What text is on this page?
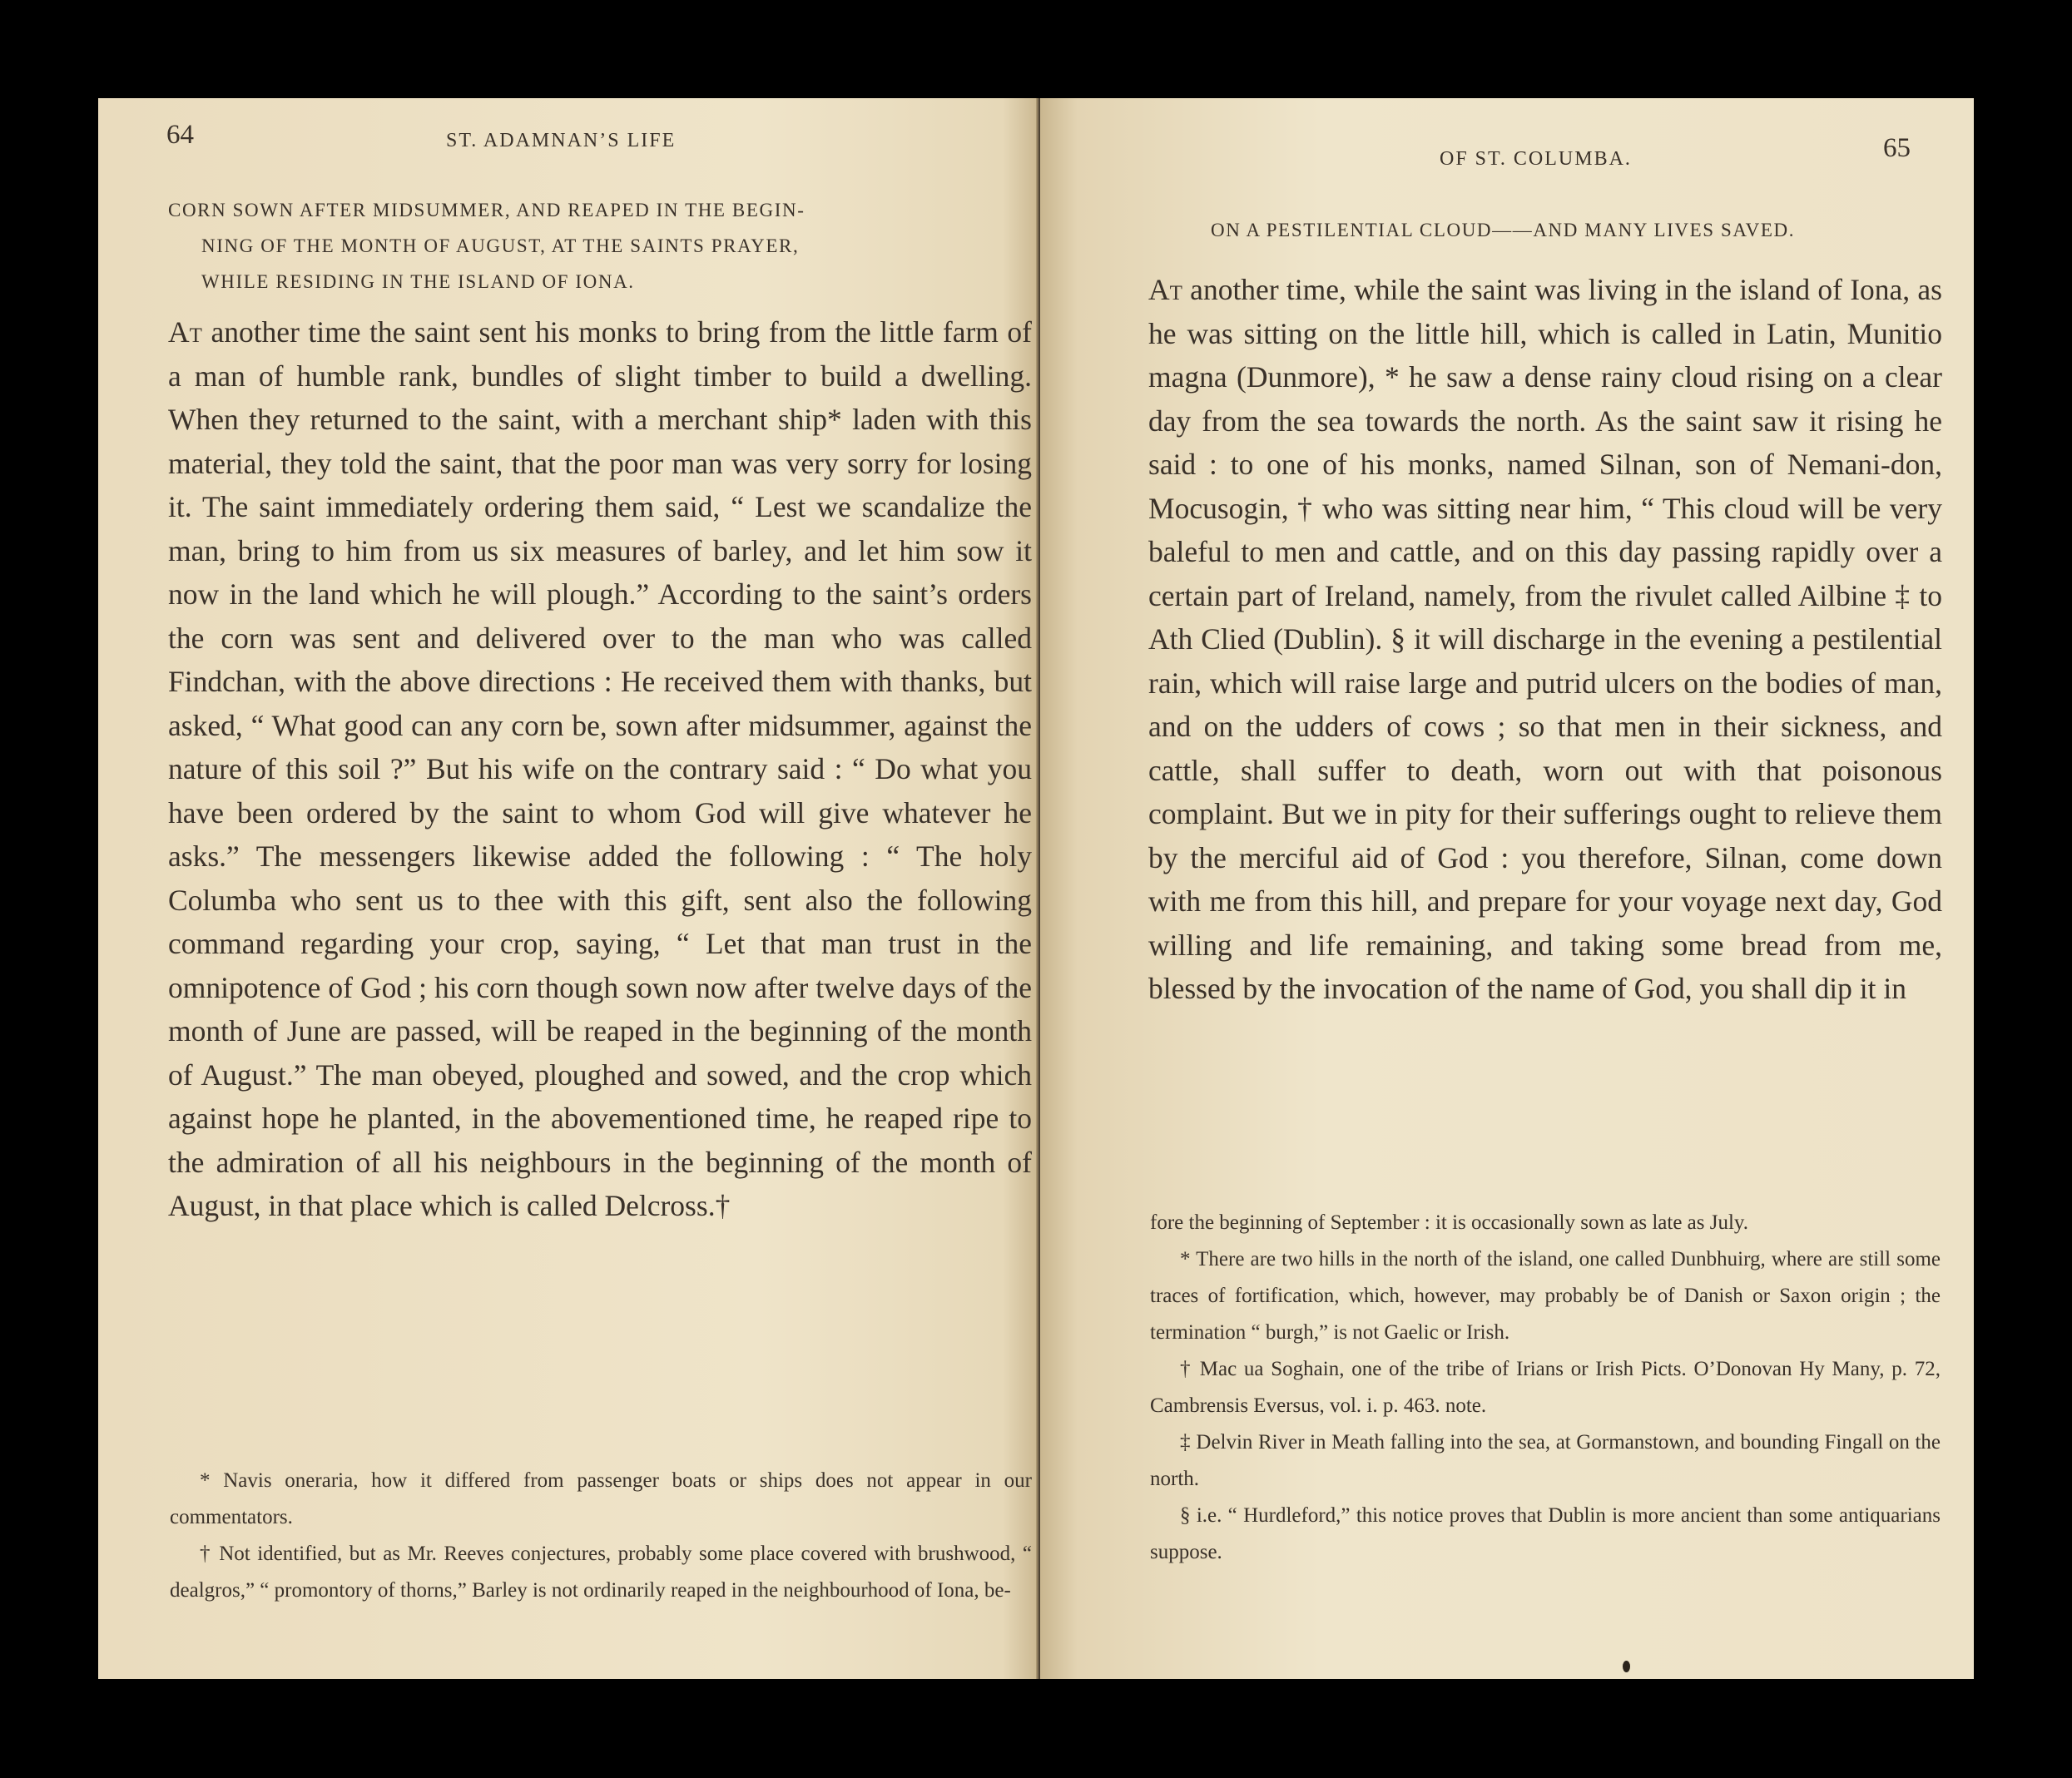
64	ST. ADAMNAN’S LIFE
CORN SOWN AFTER MIDSUMMER, AND REAPED IN THE BEGIN-
NING OF THE MONTH OF AUGUST, AT THE SAINTS PRAYER,
WHILE RESIDING IN THE ISLAND OF IONA.

At another time the saint sent his monks to bring from the little farm of a man of humble rank, bundles of slight timber to build a dwelling. When they returned to the saint, with a merchant ship* laden with this material, they told the saint, that the poor man was very sorry for losing it. The saint immediately ordering them said, “ Lest we scandalize the man, bring to him from us six measures of barley, and let him sow it now in the land which he will plough.” According to the saint’s orders the corn was sent and delivered over to the man who was called Findchan, with the above directions : He received them with thanks, but asked, “ What good can any corn be, sown after midsummer, against the nature of this soil ?” But his wife on the contrary said : “ Do what you have been ordered by the saint to whom God will give whatever he asks.” The messengers likewise added the following : “ The holy Columba who sent us to thee with this gift, sent also the following command regarding your crop, saying, “ Let that man trust in the omnipotence of God ; his corn though sown now after twelve days of the month of June are passed, will be reaped in the beginning of the month of August.” The man obeyed, ploughed and sowed, and the crop which against hope he planted, in the abovementioned time, he reaped ripe to the admiration of all his neighbours in the beginning of the month of August, in that place which is called Delcross.†

* Navis oneraria, how it differed from passenger boats or ships does not appear in our commentators.

† Not identified, but as Mr. Reeves conjectures, probably some place covered with brushwood, “ dealgros,” “ promontory of thorns,” Barley is not ordinarily reaped in the neighbourhood of Iona, be-

OF ST. COLUMBA.	65
ON A PESTILENTIAL CLOUD——AND MANY LIVES SAVED.

At another time, while the saint was living in the island of Iona, as he was sitting on the little hill, which is called in Latin, Munitio magna (Dunmore), * he saw a dense rainy cloud rising on a clear day from the sea towards the north. As the saint saw it rising he said : to one of his monks, named Silnan, son of Nemani-don, Mocusogin, † who was sitting near him, “ This cloud will be very baleful to men and cattle, and on this day passing rapidly over a certain part of Ireland, namely, from the rivulet called Ailbine ‡ to Ath Clied (Dublin). § it will discharge in the evening a pestilential rain, which will raise large and putrid ulcers on the bodies of man, and on the udders of cows ; so that men in their sickness, and cattle, shall suffer to death, worn out with that poisonous complaint. But we in pity for their sufferings ought to relieve them by the merciful aid of God : you therefore, Silnan, come down with me from this hill, and prepare for your voyage next day, God willing and life remaining, and taking some bread from me, blessed by the invocation of the name of God, you shall dip it in

fore the beginning of September : it is occasionally sown as late as July.

* There are two hills in the north of the island, one called Dunbhuirg, where are still some traces of fortification, which, however, may probably be of Danish or Saxon origin ; the termination “ burgh,” is not Gaelic or Irish.

† Mac ua Soghain, one of the tribe of Irians or Irish Picts. O’Donovan Hy Many, p. 72, Cambrensis Eversus, vol. i. p. 463. note.

‡ Delvin River in Meath falling into the sea, at Gormanstown, and bounding Fingall on the north.

§ i.e. “ Hurdleford,” this notice proves that Dublin is more ancient than some antiquarians suppose.
